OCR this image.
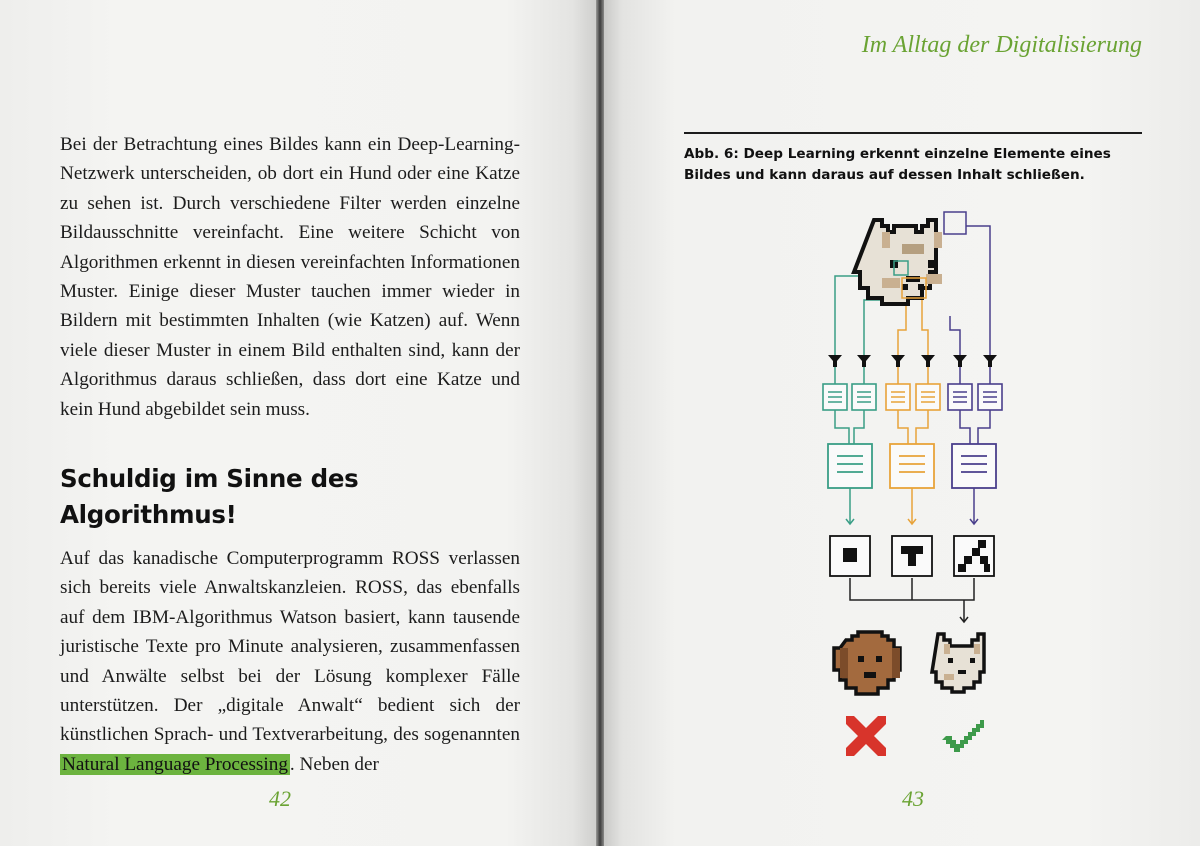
Bei der Betrachtung eines Bildes kann ein Deep-Learning-Netzwerk unterscheiden, ob dort ein Hund oder eine Katze zu sehen ist. Durch verschiedene Filter werden einzelne Bildausschnitte vereinfacht. Eine weitere Schicht von Algorithmen erkennt in diesen vereinfachten Informationen Muster. Einige dieser Muster tauchen immer wieder in Bildern mit bestimmten Inhalten (wie Katzen) auf. Wenn viele dieser Muster in einem Bild enthalten sind, kann der Algorithmus daraus schließen, dass dort eine Katze und kein Hund abgebildet sein muss.

Schuldig im Sinne des Algorithmus!

Auf das kanadische Computerprogramm ROSS verlassen sich bereits viele Anwaltskanzleien. ROSS, das ebenfalls auf dem IBM-Algorithmus Watson basiert, kann tausende juristische Texte pro Minute analysieren, zusammenfassen und Anwälte selbst bei der Lösung komplexer Fälle unterstützen. Der „digitale Anwalt“ bedient sich der künstlichen Sprach- und Textverarbeitung, des sogenannten Natural Language Processing . Neben der

42
Im Alltag der Digitalisierung

Abb. 6: Deep Learning erkennt einzelne Elemente eines Bildes und kann daraus auf dessen Inhalt schließen.

43
